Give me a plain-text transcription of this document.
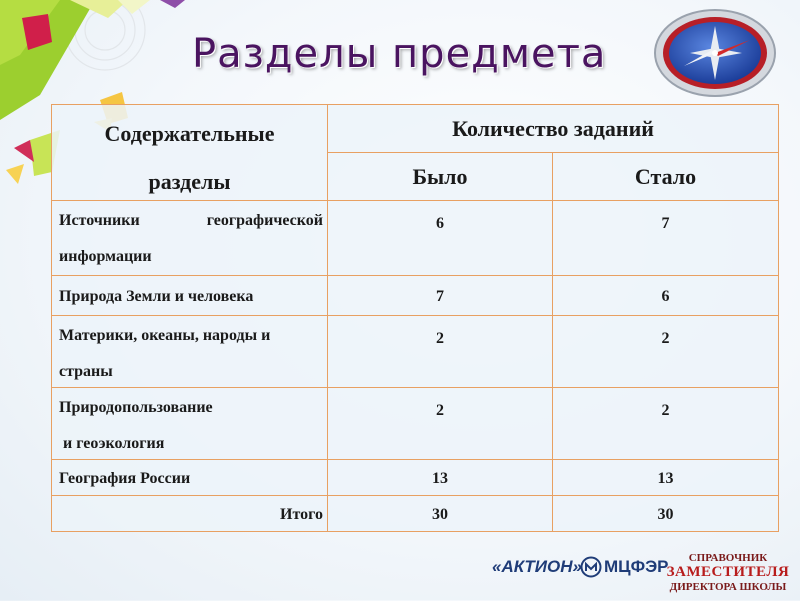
Разделы предмета
Содержательные
разделы	Количество заданий	
	Было	Стало

Источники географической
информации	6	7
Природа Земли и человека	7	6

Материки, океаны, народы и
страны	2	2

Природопользование
и геоэкология	2	2
География России	13	13
Итого	30	30
«АКТИОН» МЦФЭР	СПРАВОЧНИК
ЗАМЕСТИТЕЛЯ
ДИРЕКТОРА ШКОЛЫ
